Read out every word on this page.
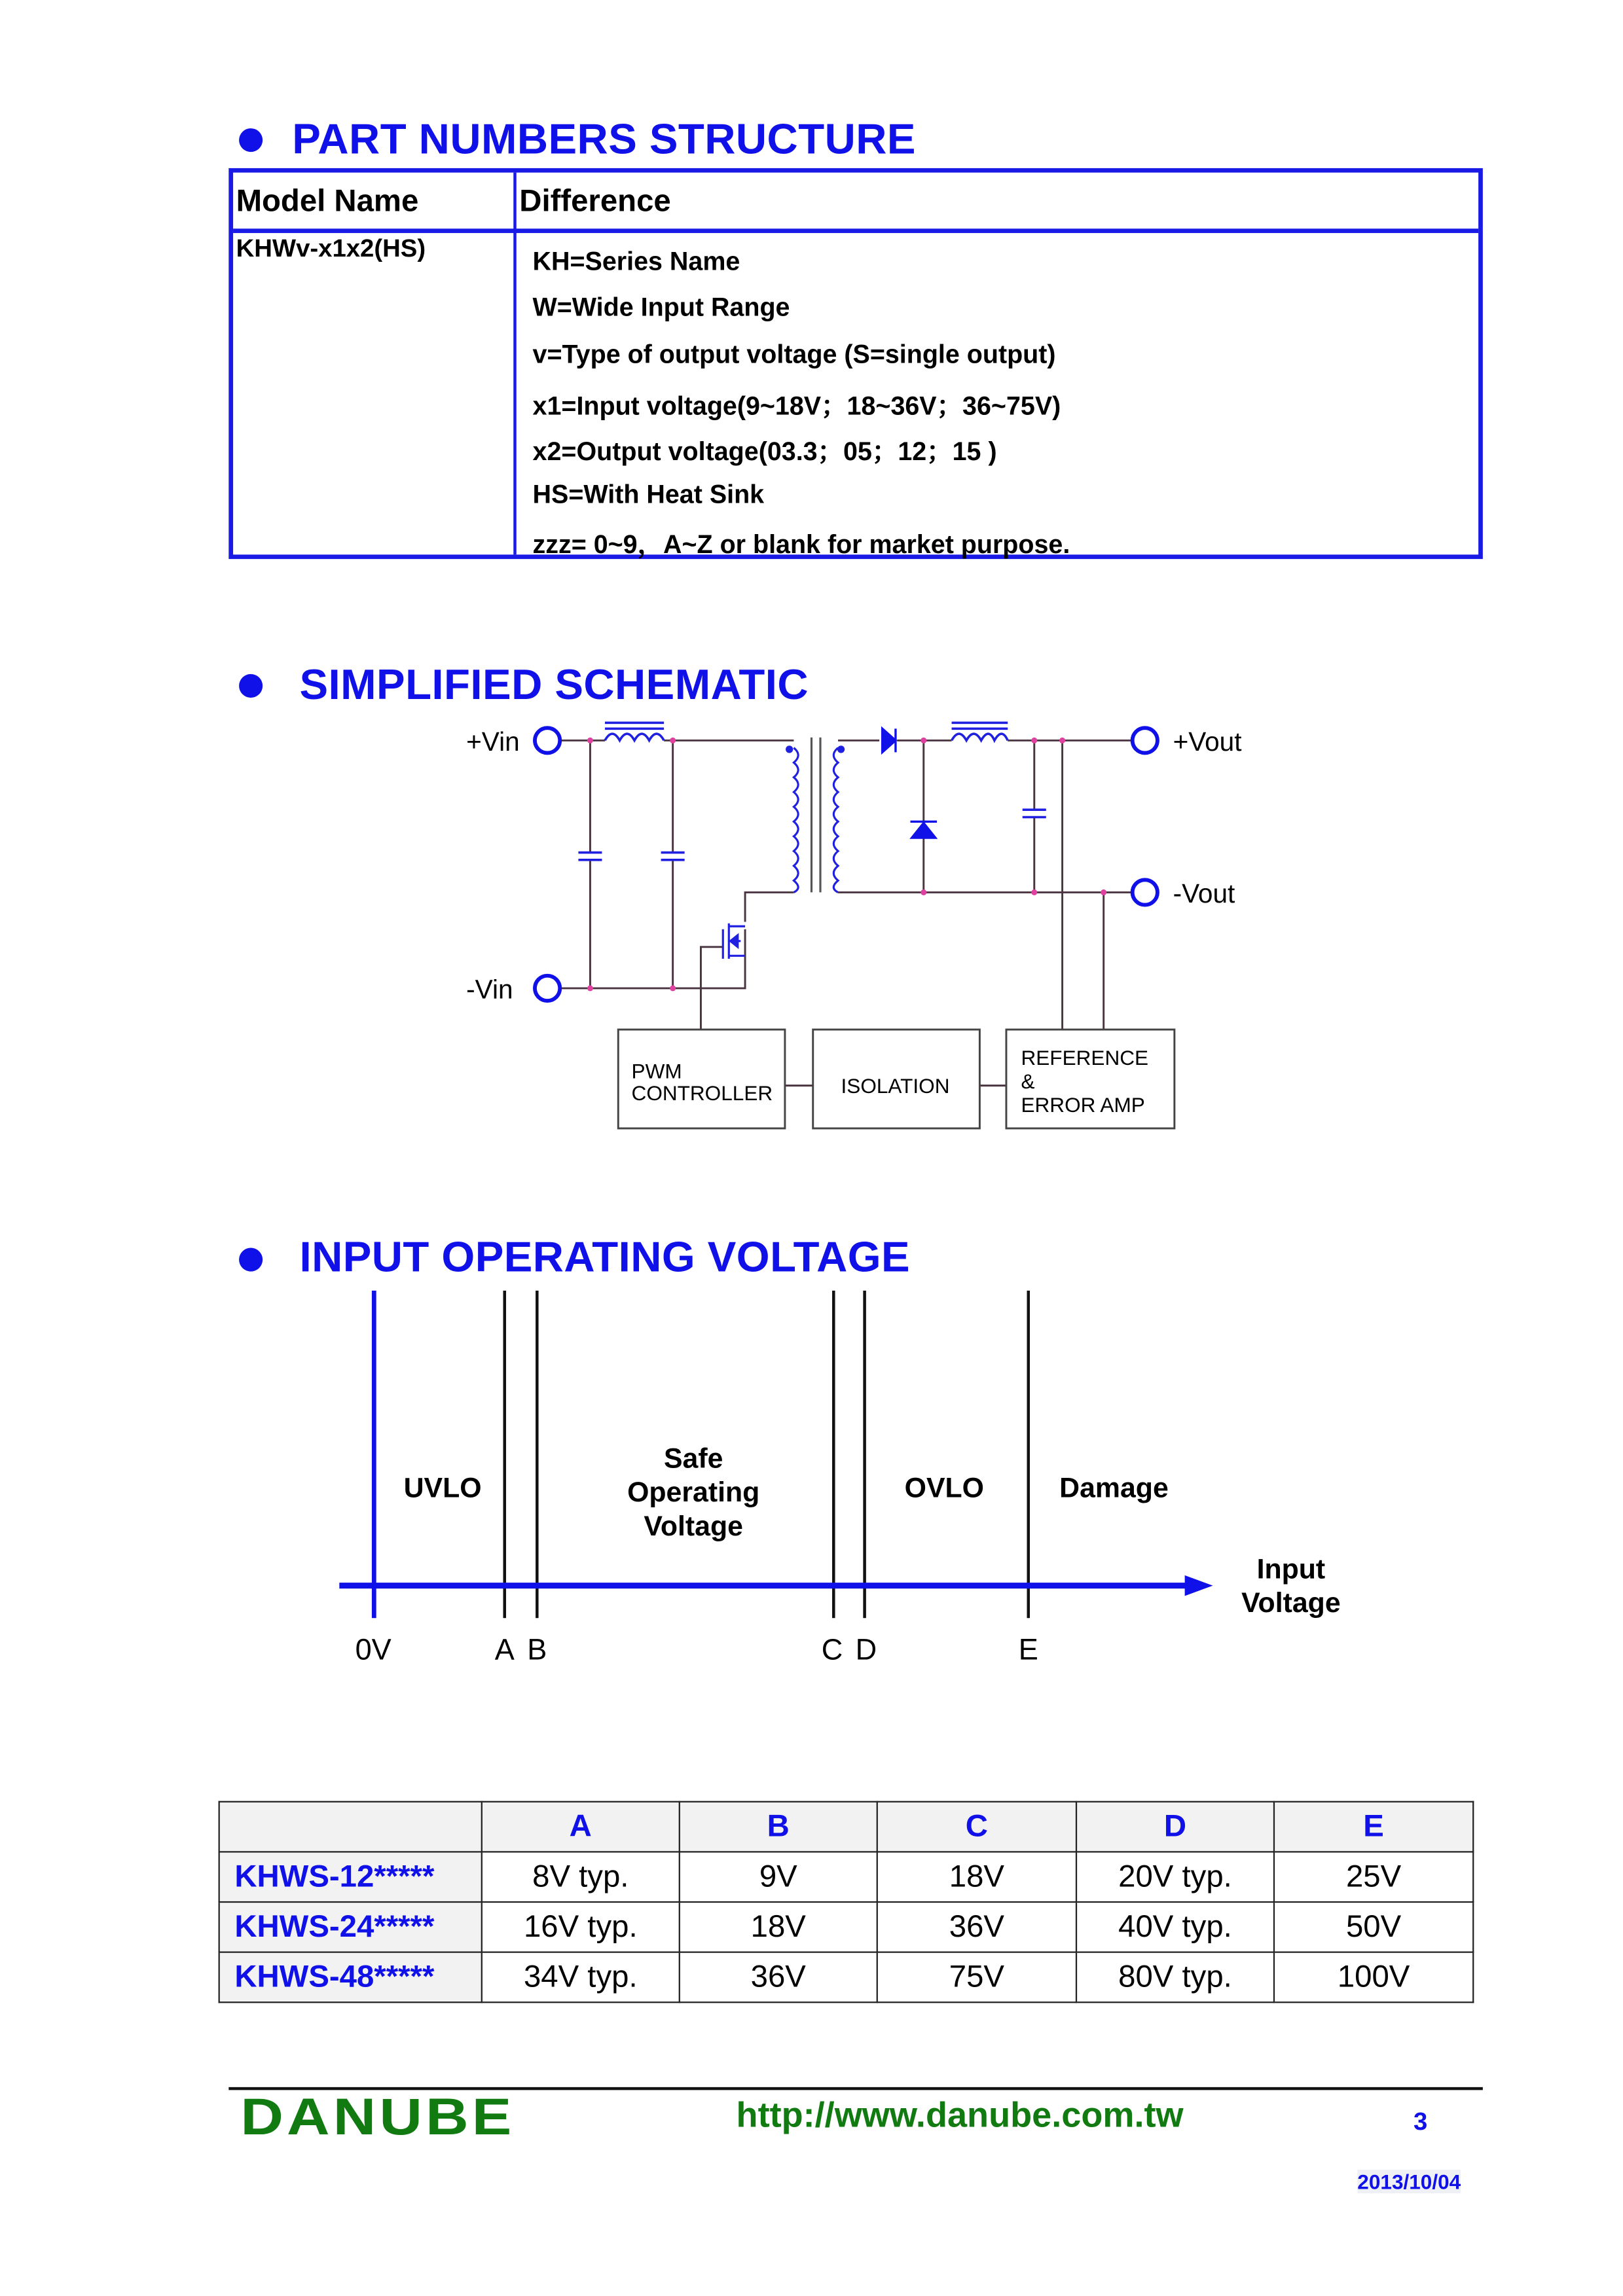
PART NUMBERS STRUCTURE
Model Name	Difference
KHWv-x1x2(HS)	KH=Series Name
W=Wide Input Range
v=Type of output voltage (S=single output)
x1=Input voltage(9~18V；18~36V；36~75V)
x2=Output voltage(03.3；05；12；15 )
HS=With Heat Sink
zzz= 0~9，A~Z or blank for market purpose.
SIMPLIFIED SCHEMATIC
+Vin
-Vin
+Vout
-Vout
PWM
CONTROLLER	ISOLATION
REFERENCE
&
ERROR AMP
INPUT OPERATING VOLTAGE
UVLO
Safe
Operating
Voltage
OVLO	Damage
Input
Voltage
0V	A B	C D	E
	A	B	C	D	E
KHWS-12*****	8V typ.	9V	18V	20V typ.	25V
KHWS-24*****	16V typ.	18V	36V	40V typ.	50V
KHWS-48*****	34V typ.	36V	75V	80V typ.	100V
DANUBE	http://www.danube.com.tw	3
2013/10/04
